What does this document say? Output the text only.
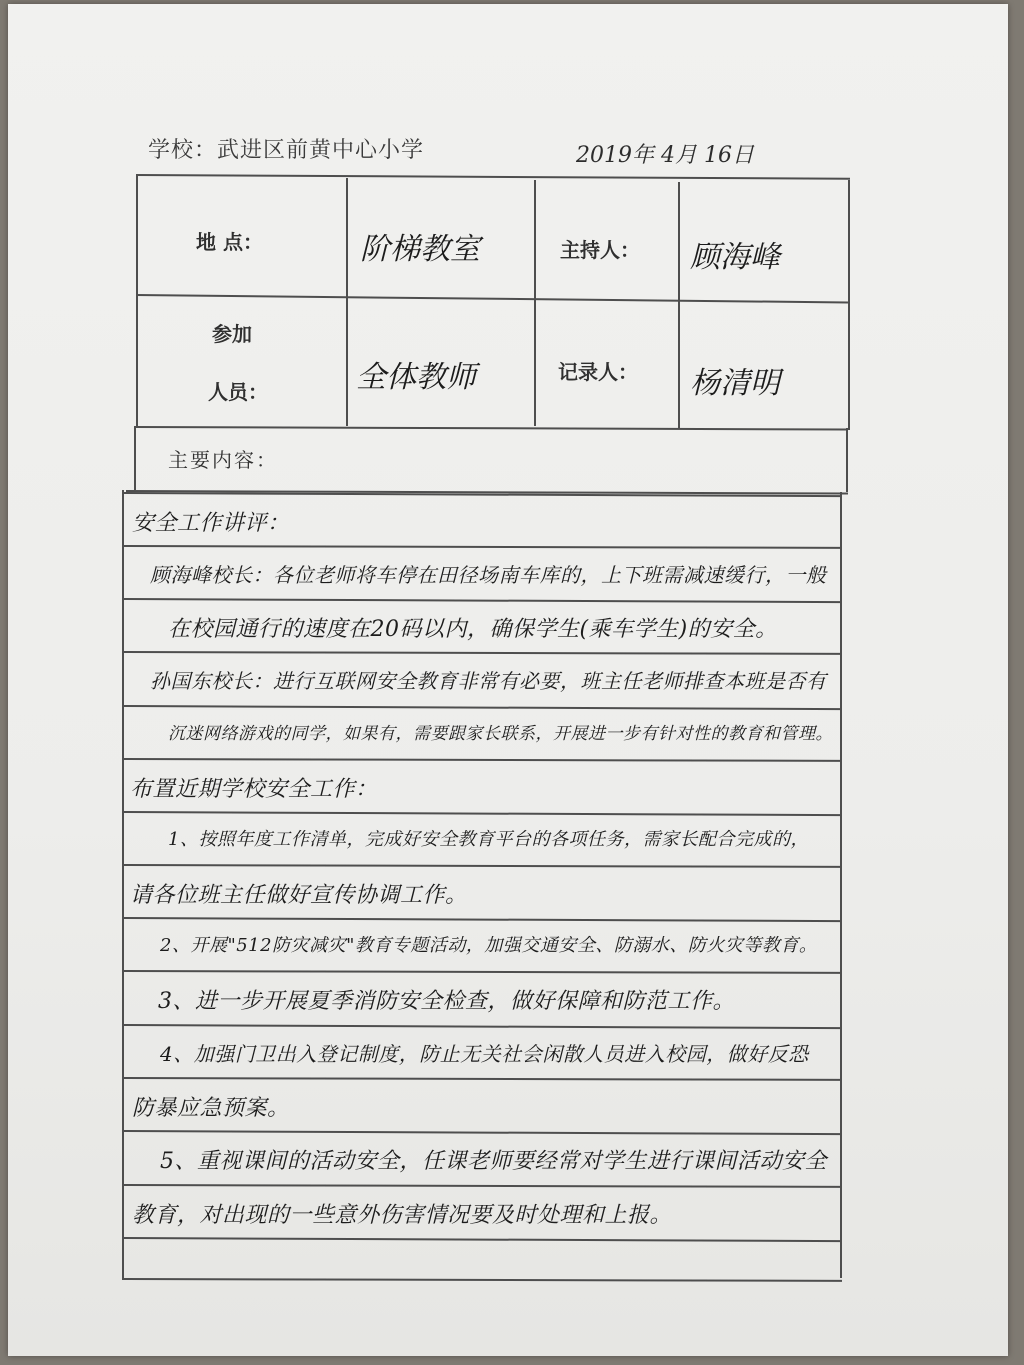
学校：武进区前黄中心小学	2019年 4月 16日
地 点：	阶梯教室	主持人： 顾海峰
参加
人员：	全体教师	记录人： 杨清明
主要内容：
安全工作讲评：
顾海峰校长：各位老师将车停在田径场南车库的，上下班需减速缓行，一般
在校园通行的速度在20码以内，确保学生(乘车学生)的安全。
孙国东校长：进行互联网安全教育非常有必要，班主任老师排查本班是否有
沉迷网络游戏的同学，如果有，需要跟家长联系，开展进一步有针对性的教育和管理。
布置近期学校安全工作：
1、按照年度工作清单，完成好安全教育平台的各项任务，需家长配合完成的，
请各位班主任做好宣传协调工作。
2、开展"512防灾减灾"教育专题活动，加强交通安全、防溺水、防火灾等教育。
3、进一步开展夏季消防安全检查，做好保障和防范工作。
4、加强门卫出入登记制度，防止无关社会闲散人员进入校园，做好反恐
防暴应急预案。
5、重视课间的活动安全，任课老师要经常对学生进行课间活动安全
教育，对出现的一些意外伤害情况要及时处理和上报。
